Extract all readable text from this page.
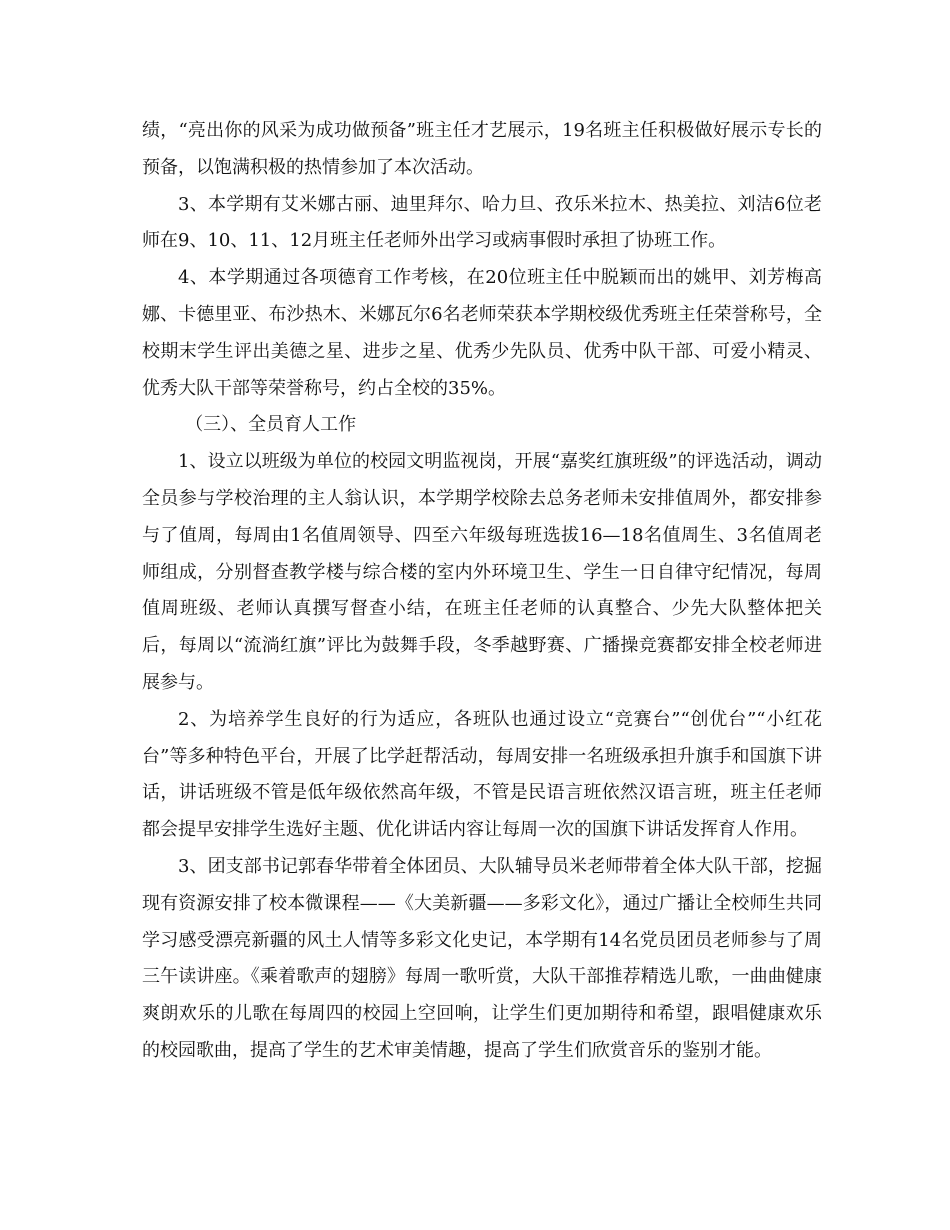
绩，“亮出你的风采为成功做预备”班主任才艺展示，19名班主任积极做好展示专长的预备，以饱满积极的热情参加了本次活动。

3、本学期有艾米娜古丽、迪里拜尔、哈力旦、孜乐米拉木、热美拉、刘洁6位老师在9、10、11、12月班主任老师外出学习或病事假时承担了协班工作。

4、本学期通过各项德育工作考核，在20位班主任中脱颖而出的姚甲、刘芳梅高娜、卡德里亚、布沙热木、米娜瓦尔6名老师荣获本学期校级优秀班主任荣誉称号，全校期末学生评出美德之星、进步之星、优秀少先队员、优秀中队干部、可爱小精灵、优秀大队干部等荣誉称号，约占全校的35%。

（三）、全员育人工作

1、设立以班级为单位的校园文明监视岗，开展“嘉奖红旗班级”的评选活动，调动全员参与学校治理的主人翁认识，本学期学校除去总务老师未安排值周外，都安排参与了值周，每周由1名值周领导、四至六年级每班选拔16—18名值周生、3名值周老师组成，分别督查教学楼与综合楼的室内外环境卫生、学生一日自律守纪情况，每周值周班级、老师认真撰写督查小结，在班主任老师的认真整合、少先大队整体把关后，每周以“流淌红旗”评比为鼓舞手段，冬季越野赛、广播操竞赛都安排全校老师进展参与。

2、为培养学生良好的行为适应，各班队也通过设立“竞赛台”“创优台”“小红花台”等多种特色平台，开展了比学赶帮活动，每周安排一名班级承担升旗手和国旗下讲话，讲话班级不管是低年级依然高年级，不管是民语言班依然汉语言班，班主任老师都会提早安排学生选好主题、优化讲话内容让每周一次的国旗下讲话发挥育人作用。

3、团支部书记郭春华带着全体团员、大队辅导员米老师带着全体大队干部，挖掘现有资源安排了校本微课程——《大美新疆——多彩文化》，通过广播让全校师生共同学习感受漂亮新疆的风土人情等多彩文化史记，本学期有14名党员团员老师参与了周三午读讲座。《乘着歌声的翅膀》每周一歌听赏，大队干部推荐精选儿歌，一曲曲健康爽朗欢乐的儿歌在每周四的校园上空回响，让学生们更加期待和希望，跟唱健康欢乐的校园歌曲，提高了学生的艺术审美情趣，提高了学生们欣赏音乐的鉴别才能。
